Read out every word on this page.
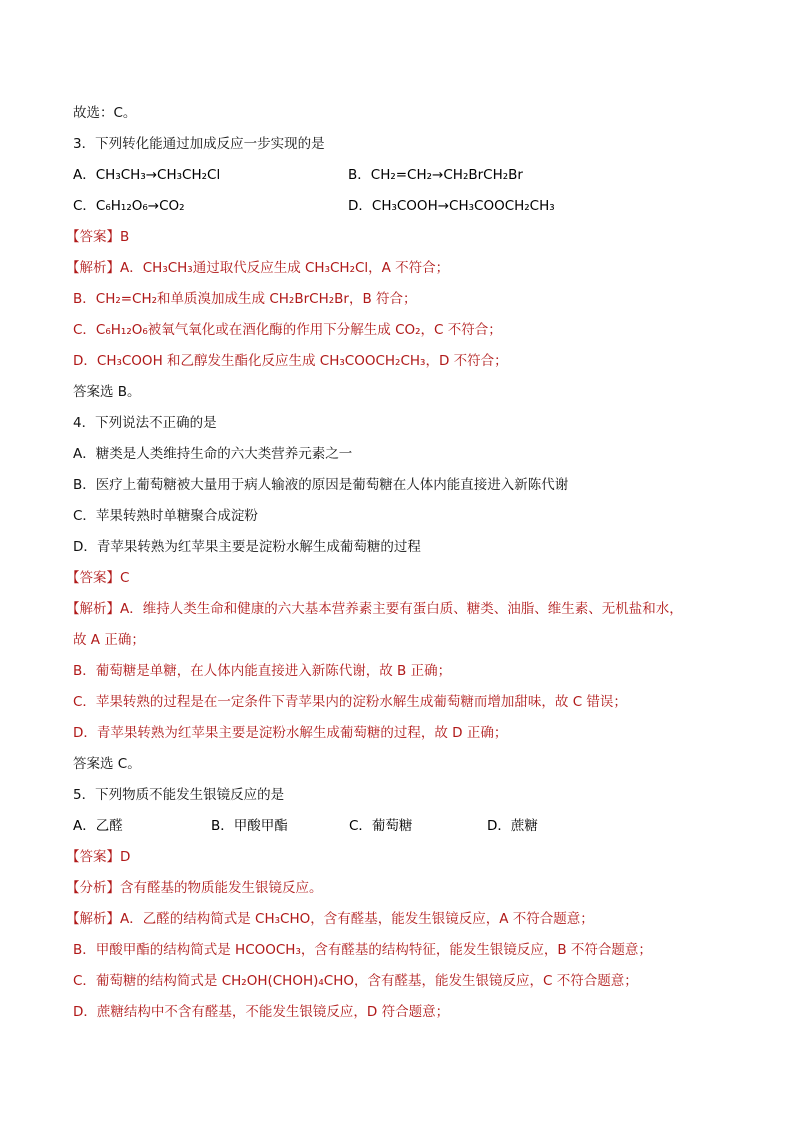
故选：C。
3．下列转化能通过加成反应一步实现的是
A．CH₃CH₃→CH₃CH₂Cl	B．CH₂=CH₂→CH₂BrCH₂Br
C．C₆H₁₂O₆→CO₂	D．CH₃COOH→CH₃COOCH₂CH₃
【答案】B
【解析】A．CH₃CH₃通过取代反应生成 CH₃CH₂Cl，A 不符合；
B．CH₂=CH₂和单质溴加成生成 CH₂BrCH₂Br，B 符合；
C．C₆H₁₂O₆被氧气氧化或在酒化酶的作用下分解生成 CO₂，C 不符合；
D．CH₃COOH 和乙醇发生酯化反应生成 CH₃COOCH₂CH₃，D 不符合；
答案选 B。
4．下列说法不正确的是
A．糖类是人类维持生命的六大类营养元素之一
B．医疗上葡萄糖被大量用于病人输液的原因是葡萄糖在人体内能直接进入新陈代谢
C．苹果转熟时单糖聚合成淀粉
D．青苹果转熟为红苹果主要是淀粉水解生成葡萄糖的过程
【答案】C
【解析】A．维持人类生命和健康的六大基本营养素主要有蛋白质、糖类、油脂、维生素、无机盐和水，
故 A 正确；
B．葡萄糖是单糖，在人体内能直接进入新陈代谢，故 B 正确；
C．苹果转熟的过程是在一定条件下青苹果内的淀粉水解生成葡萄糖而增加甜味，故 C 错误；
D．青苹果转熟为红苹果主要是淀粉水解生成葡萄糖的过程，故 D 正确；
答案选 C。
5．下列物质不能发生银镜反应的是
A．乙醛	B．甲酸甲酯	C．葡萄糖	D．蔗糖
【答案】D
【分析】含有醛基的物质能发生银镜反应。
【解析】A．乙醛的结构简式是 CH₃CHO，含有醛基，能发生银镜反应，A 不符合题意；
B．甲酸甲酯的结构简式是 HCOOCH₃，含有醛基的结构特征，能发生银镜反应，B 不符合题意；
C．葡萄糖的结构简式是 CH₂OH(CHOH)₄CHO，含有醛基，能发生银镜反应，C 不符合题意；
D．蔗糖结构中不含有醛基，不能发生银镜反应，D 符合题意；
